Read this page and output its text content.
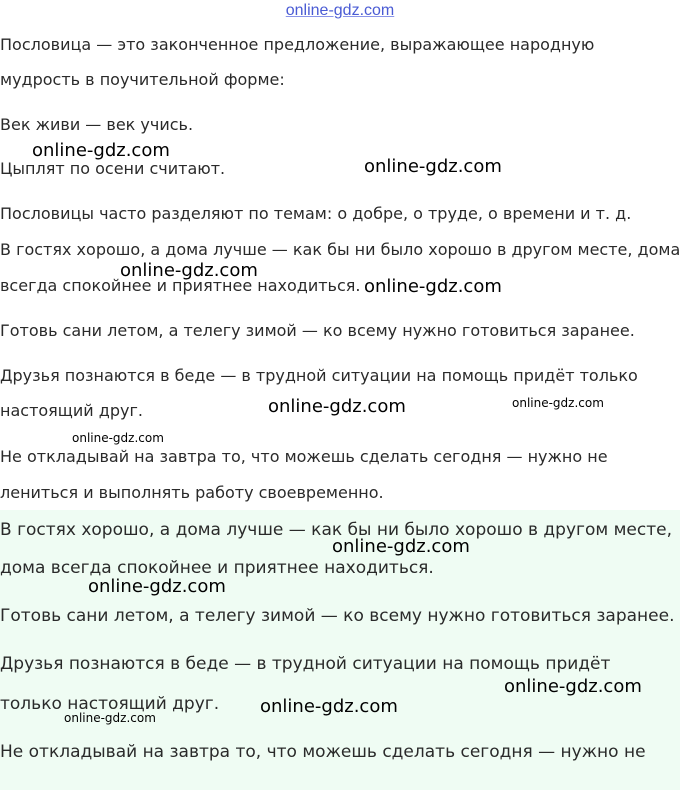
online-gdz.com
Пословица — это законченное предложение, выражающее народную
мудрость в поучительной форме:
Век живи — век учись.
Цыплят по осени считают.
Пословицы часто разделяют по темам: о добре, о труде, о времени и т. д.
В гостях хорошо, а дома лучше — как бы ни было хорошо в другом месте, дома
всегда спокойнее и приятнее находиться.
Готовь сани летом, а телегу зимой — ко всему нужно готовиться заранее.
Друзья познаются в беде — в трудной ситуации на помощь придёт только
настоящий друг.
Не откладывай на завтра то, что можешь сделать сегодня — нужно не
лениться и выполнять работу своевременно.
В гостях хорошо, а дома лучше — как бы ни было хорошо в другом месте,
дома всегда спокойнее и приятнее находиться.
Готовь сани летом, а телегу зимой — ко всему нужно готовиться заранее.
Друзья познаются в беде — в трудной ситуации на помощь придёт
только настоящий друг.
Не откладывай на завтра то, что можешь сделать сегодня — нужно не
online-gdz.com
online-gdz.com
online-gdz.com
online-gdz.com
online-gdz.com	online-gdz.com
online-gdz.com
online-gdz.com
online-gdz.com
online-gdz.com
online-gdz.com
online-gdz.com
